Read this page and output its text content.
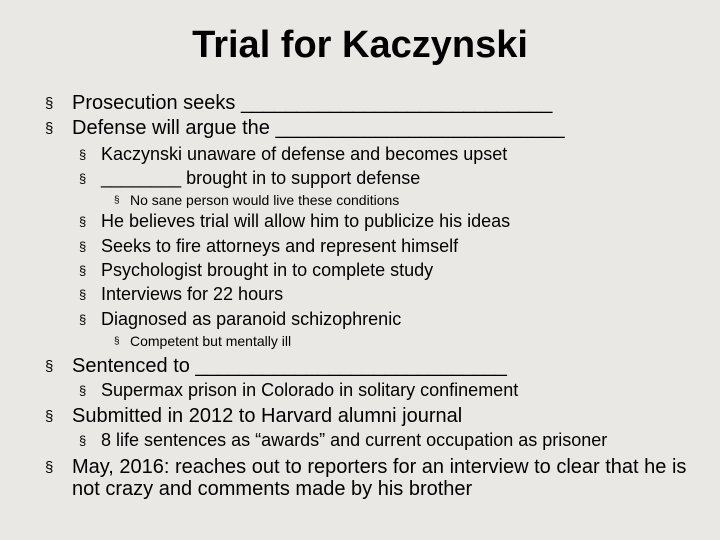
Trial for Kaczynski
§ Prosecution seeks ____________________________
§ Defense will argue the __________________________
§ Kaczynski unaware of defense and becomes upset
§ ________ brought in to support defense
§ No sane person would live these conditions
§ He believes trial will allow him to publicize his ideas
§ Seeks to fire attorneys and represent himself
§ Psychologist brought in to complete study
§ Interviews for 22 hours
§ Diagnosed as paranoid schizophrenic
§ Competent but mentally ill
§ Sentenced to ____________________________
§ Supermax prison in Colorado in solitary confinement
§ Submitted in 2012 to Harvard alumni journal
§ 8 life sentences as “awards” and current occupation as prisoner
§ May, 2016: reaches out to reporters for an interview to clear that he is not crazy and comments made by his brother
